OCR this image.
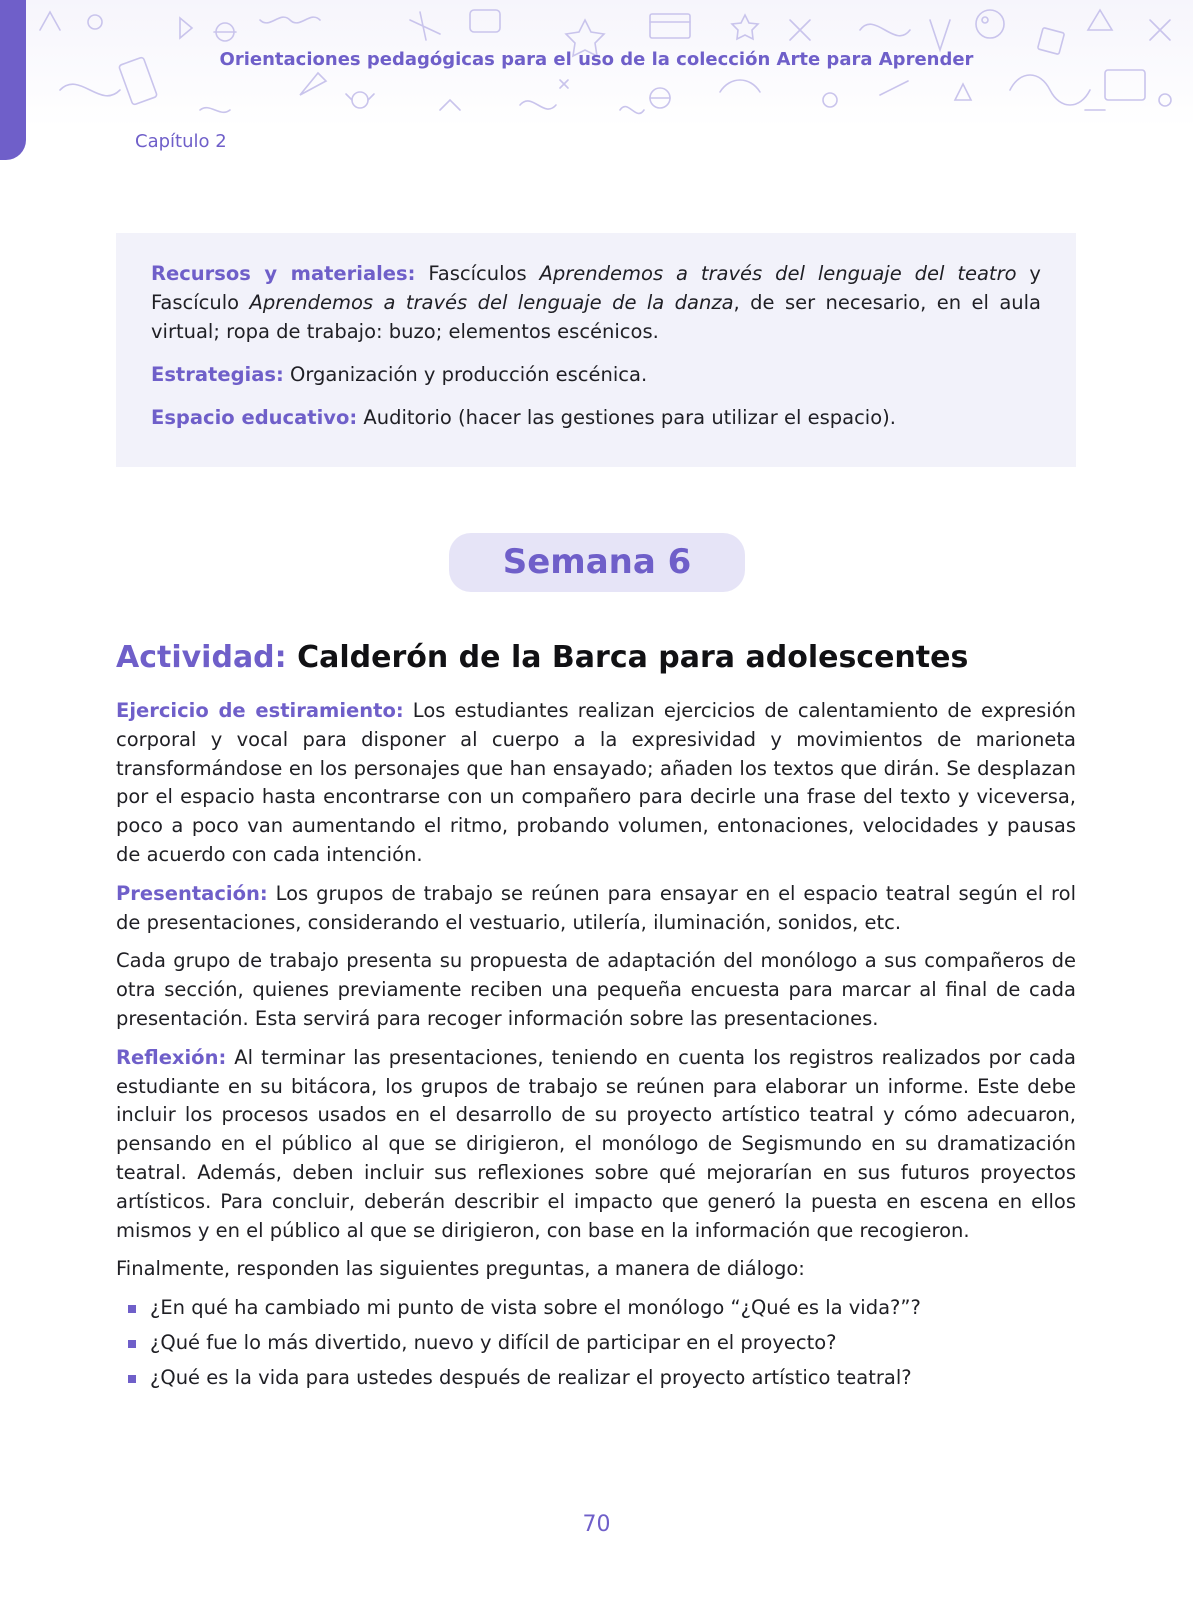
Orientaciones pedagógicas para el uso de la colección Arte para Aprender
Capítulo 2

Recursos y materiales: Fascículos Aprendemos a través del lenguaje del teatro y Fascículo Aprendemos a través del lenguaje de la danza, de ser necesario, en el aula virtual; ropa de trabajo: buzo; elementos escénicos.

Estrategias: Organización y producción escénica.

Espacio educativo: Auditorio (hacer las gestiones para utilizar el espacio).

Semana 6
Actividad: Calderón de la Barca para adolescentes

Ejercicio de estiramiento: Los estudiantes realizan ejercicios de calentamiento de expresión corporal y vocal para disponer al cuerpo a la expresividad y movimientos de marioneta transformándose en los personajes que han ensayado; añaden los textos que dirán. Se desplazan por el espacio hasta encontrarse con un compañero para decirle una frase del texto y viceversa, poco a poco van aumentando el ritmo, probando volumen, entonaciones, velocidades y pausas de acuerdo con cada intención.

Presentación: Los grupos de trabajo se reúnen para ensayar en el espacio teatral según el rol de presentaciones, considerando el vestuario, utilería, iluminación, sonidos, etc.

Cada grupo de trabajo presenta su propuesta de adaptación del monólogo a sus compañeros de otra sección, quienes previamente reciben una pequeña encuesta para marcar al final de cada presentación. Esta servirá para recoger información sobre las presentaciones.

Reflexión: Al terminar las presentaciones, teniendo en cuenta los registros realizados por cada estudiante en su bitácora, los grupos de trabajo se reúnen para elaborar un informe. Este debe incluir los procesos usados en el desarrollo de su proyecto artístico teatral y cómo adecuaron, pensando en el público al que se dirigieron, el monólogo de Segismundo en su dramatización teatral. Además, deben incluir sus reflexiones sobre qué mejorarían en sus futuros proyectos artísticos. Para concluir, deberán describir el impacto que generó la puesta en escena en ellos mismos y en el público al que se dirigieron, con base en la información que recogieron.

Finalmente, responden las siguientes preguntas, a manera de diálogo:

¿En qué ha cambiado mi punto de vista sobre el monólogo “¿Qué es la vida?”?
¿Qué fue lo más divertido, nuevo y difícil de participar en el proyecto?
¿Qué es la vida para ustedes después de realizar el proyecto artístico teatral?
70
